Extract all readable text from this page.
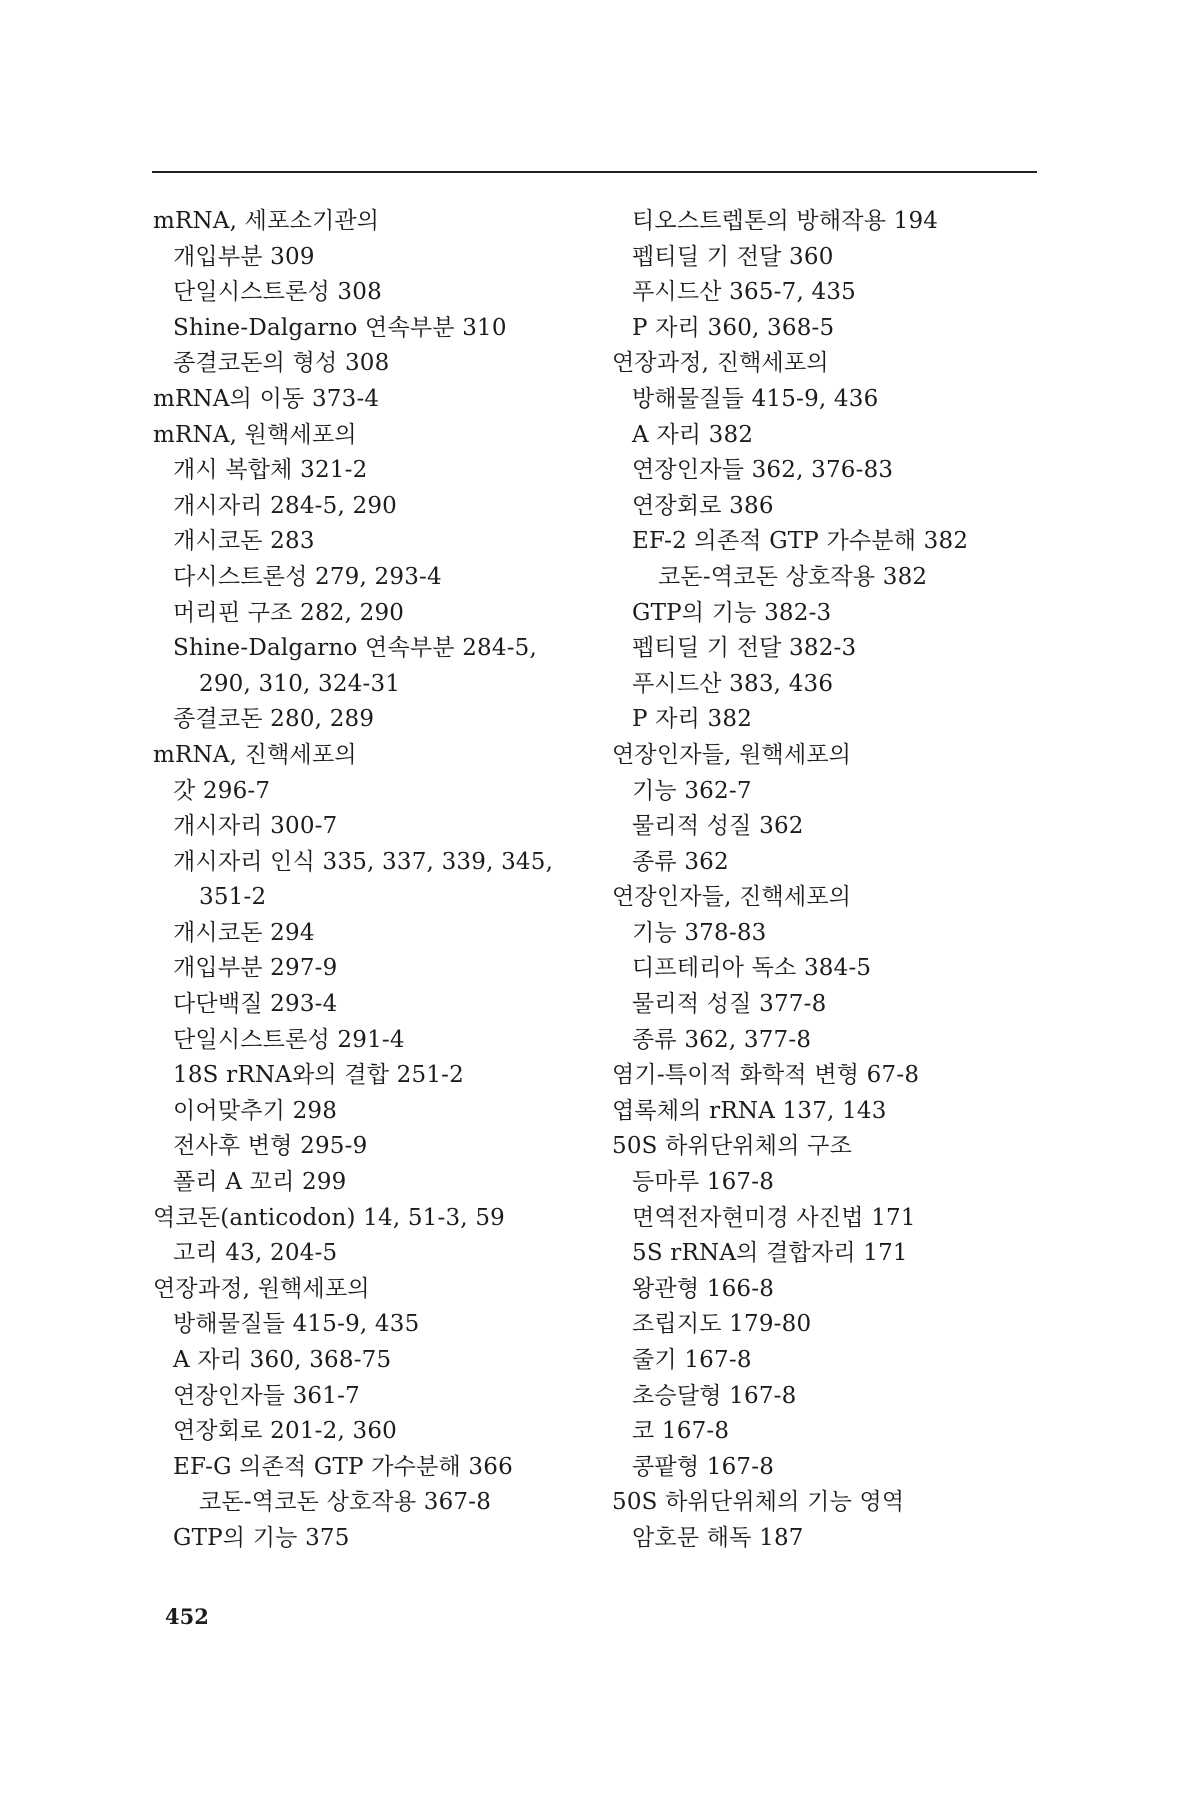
mRNA, 세포소기관의
개입부분 309
단일시스트론성 308
Shine-Dalgarno 연속부분 310
종결코돈의 형성 308
mRNA의 이동 373-4
mRNA, 원핵세포의
개시 복합체 321-2
개시자리 284-5, 290
개시코돈 283
다시스트론성 279, 293-4
머리핀 구조 282, 290
Shine-Dalgarno 연속부분 284-5,
290, 310, 324-31
종결코돈 280, 289
mRNA, 진핵세포의
갓 296-7
개시자리 300-7
개시자리 인식 335, 337, 339, 345,
351-2
개시코돈 294
개입부분 297-9
다단백질 293-4
단일시스트론성 291-4
18S rRNA와의 결합 251-2
이어맞추기 298
전사후 변형 295-9
폴리 A 꼬리 299
역코돈(anticodon) 14, 51-3, 59
고리 43, 204-5
연장과정, 원핵세포의
방해물질들 415-9, 435
A 자리 360, 368-75
연장인자들 361-7
연장회로 201-2, 360
EF-G 의존적 GTP 가수분해 366
코돈-역코돈 상호작용 367-8
GTP의 기능 375
티오스트렙톤의 방해작용 194
펩티딜 기 전달 360
푸시드산 365-7, 435
P 자리 360, 368-5
연장과정, 진핵세포의
방해물질들 415-9, 436
A 자리 382
연장인자들 362, 376-83
연장회로 386
EF-2 의존적 GTP 가수분해 382
코돈-역코돈 상호작용 382
GTP의 기능 382-3
펩티딜 기 전달 382-3
푸시드산 383, 436
P 자리 382
연장인자들, 원핵세포의
기능 362-7
물리적 성질 362
종류 362
연장인자들, 진핵세포의
기능 378-83
디프테리아 독소 384-5
물리적 성질 377-8
종류 362, 377-8
염기-특이적 화학적 변형 67-8
엽록체의 rRNA 137, 143
50S 하위단위체의 구조
등마루 167-8
면역전자현미경 사진법 171
5S rRNA의 결합자리 171
왕관형 166-8
조립지도 179-80
줄기 167-8
초승달형 167-8
코 167-8
콩팥형 167-8
50S 하위단위체의 기능 영역
암호문 해독 187
452
